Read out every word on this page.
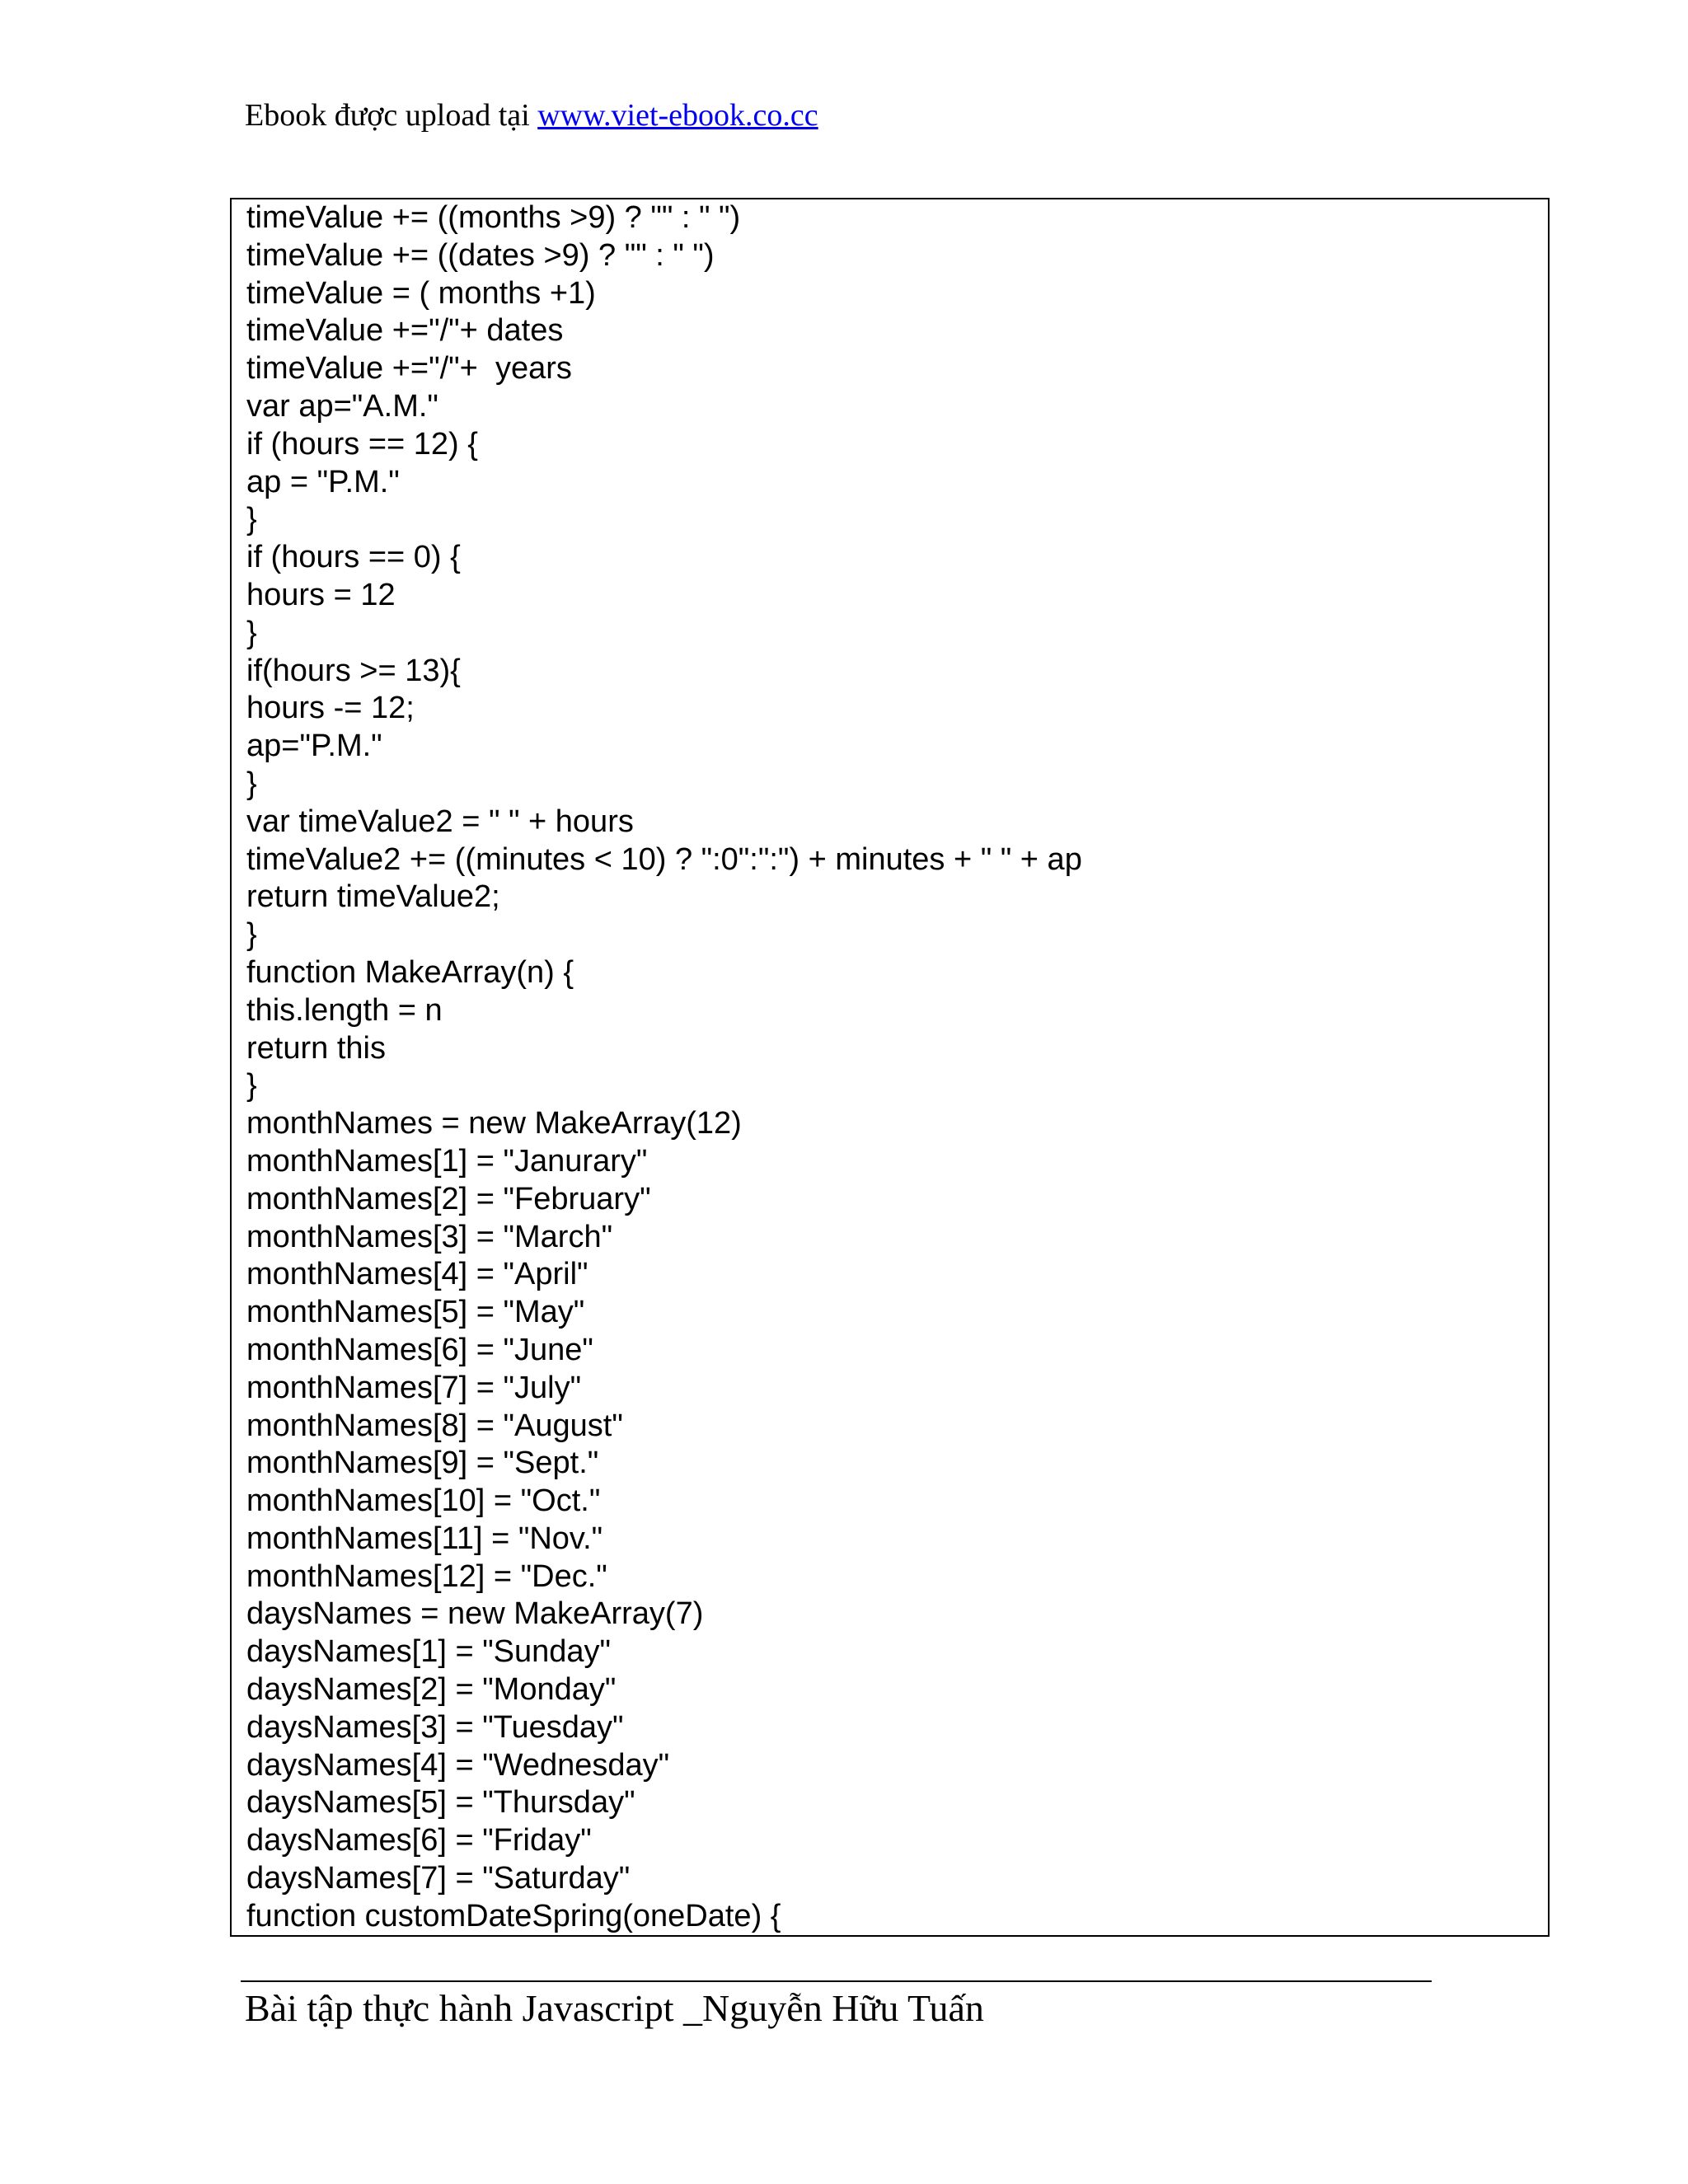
Ebook được upload tại www.viet-ebook.co.cc
timeValue += ((months >9) ? "" : " ")
timeValue += ((dates >9) ? "" : " ")
timeValue = ( months +1)
timeValue +="/"+ dates
timeValue +="/"+  years
var ap="A.M."
if (hours == 12) {
ap = "P.M."
}
if (hours == 0) {
hours = 12
}
if(hours >= 13){
hours -= 12;
ap="P.M."
}
var timeValue2 = " " + hours
timeValue2 += ((minutes < 10) ? ":0":":") + minutes + " " + ap
return timeValue2;
}
function MakeArray(n) {
this.length = n
return this
}
monthNames = new MakeArray(12)
monthNames[1] = "Janurary"
monthNames[2] = "February"
monthNames[3] = "March"
monthNames[4] = "April"
monthNames[5] = "May"
monthNames[6] = "June"
monthNames[7] = "July"
monthNames[8] = "August"
monthNames[9] = "Sept."
monthNames[10] = "Oct."
monthNames[11] = "Nov."
monthNames[12] = "Dec."
daysNames = new MakeArray(7)
daysNames[1] = "Sunday"
daysNames[2] = "Monday"
daysNames[3] = "Tuesday"
daysNames[4] = "Wednesday"
daysNames[5] = "Thursday"
daysNames[6] = "Friday"
daysNames[7] = "Saturday"
function customDateSpring(oneDate) {
Bài tập thực hành Javascript _Nguyễn Hữu Tuấn
